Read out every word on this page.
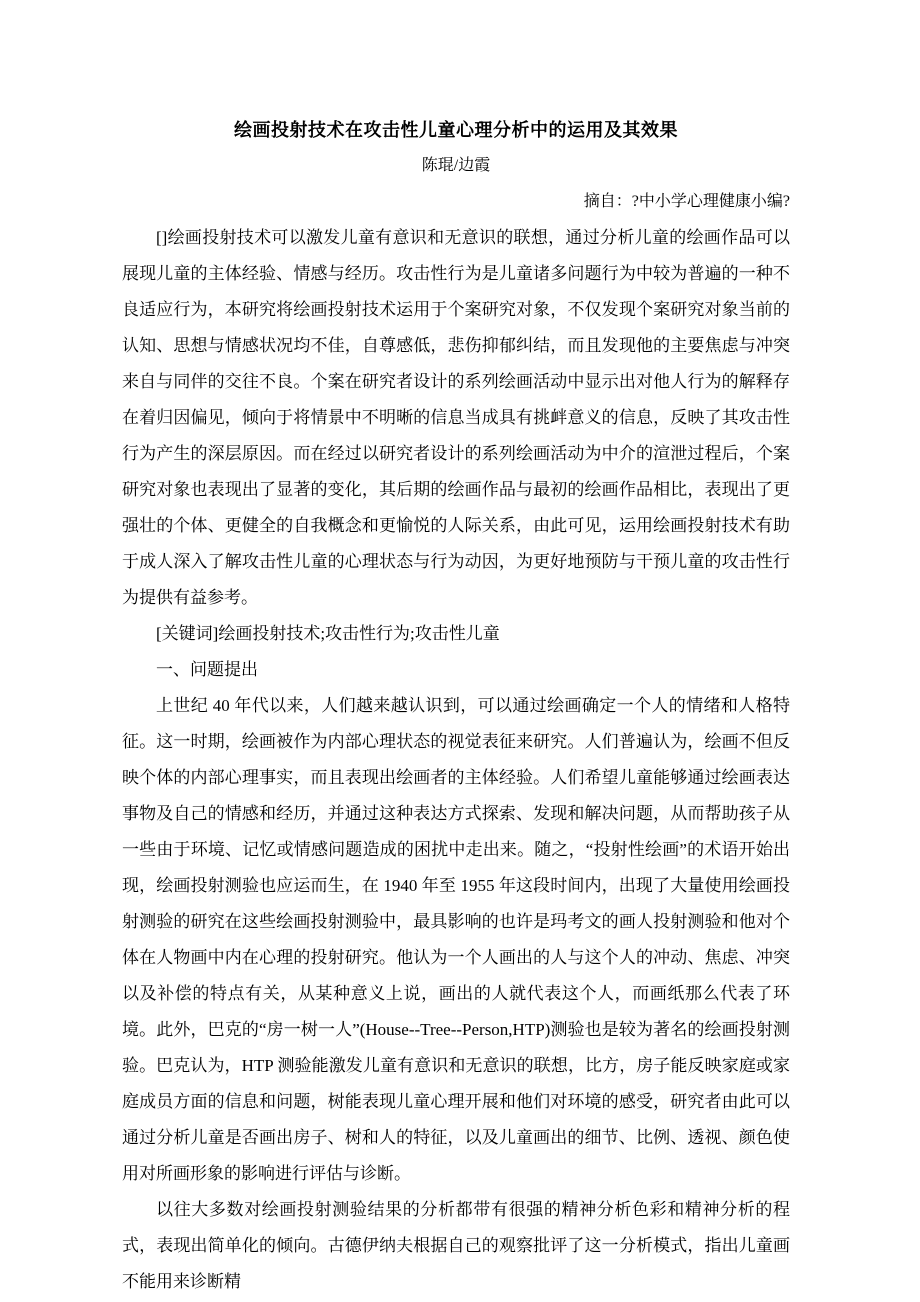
绘画投射技术在攻击性儿童心理分析中的运用及其效果
陈琨/边霞
摘自：?中小学心理健康小编?

[]绘画投射技术可以激发儿童有意识和无意识的联想，通过分析儿童的绘画作品可以展现儿童的主体经验、情感与经历。攻击性行为是儿童诸多问题行为中较为普遍的一种不良适应行为，本研究将绘画投射技术运用于个案研究对象，不仅发现个案研究对象当前的认知、思想与情感状况均不佳，自尊感低，悲伤抑郁纠结，而且发现他的主要焦虑与冲突来自与同伴的交往不良。个案在研究者设计的系列绘画活动中显示出对他人行为的解释存在着归因偏见，倾向于将情景中不明晰的信息当成具有挑衅意义的信息，反映了其攻击性行为产生的深层原因。而在经过以研究者设计的系列绘画活动为中介的渲泄过程后，个案研究对象也表现出了显著的变化，其后期的绘画作品与最初的绘画作品相比，表现出了更强壮的个体、更健全的自我概念和更愉悦的人际关系，由此可见，运用绘画投射技术有助于成人深入了解攻击性儿童的心理状态与行为动因，为更好地预防与干预儿童的攻击性行为提供有益参考。

[关键词]绘画投射技术;攻击性行为;攻击性儿童

一、问题提出

上世纪 40 年代以来，人们越来越认识到，可以通过绘画确定一个人的情绪和人格特征。这一时期，绘画被作为内部心理状态的视觉表征来研究。人们普遍认为，绘画不但反映个体的内部心理事实，而且表现出绘画者的主体经验。人们希望儿童能够通过绘画表达事物及自己的情感和经历，并通过这种表达方式探索、发现和解决问题，从而帮助孩子从一些由于环境、记忆或情感问题造成的困扰中走出来。随之，“投射性绘画”的术语开始出现，绘画投射测验也应运而生，在 1940 年至 1955 年这段时间内，出现了大量使用绘画投射测验的研究在这些绘画投射测验中，最具影响的也许是玛考文的画人投射测验和他对个体在人物画中内在心理的投射研究。他认为一个人画出的人与这个人的冲动、焦虑、冲突以及补偿的特点有关，从某种意义上说，画出的人就代表这个人，而画纸那么代表了环境。此外，巴克的“房一树一人”(House--Tree--Person,HTP)测验也是较为著名的绘画投射测验。巴克认为，HTP 测验能激发儿童有意识和无意识的联想，比方，房子能反映家庭或家庭成员方面的信息和问题，树能表现儿童心理开展和他们对环境的感受，研究者由此可以通过分析儿童是否画出房子、树和人的特征，以及儿童画出的细节、比例、透视、颜色使用对所画形象的影响进行评估与诊断。

以往大多数对绘画投射测验结果的分析都带有很强的精神分析色彩和精神分析的程式，表现出简单化的倾向。古德伊纳夫根据自己的观察批评了这一分析模式，指出儿童画不能用来诊断精
